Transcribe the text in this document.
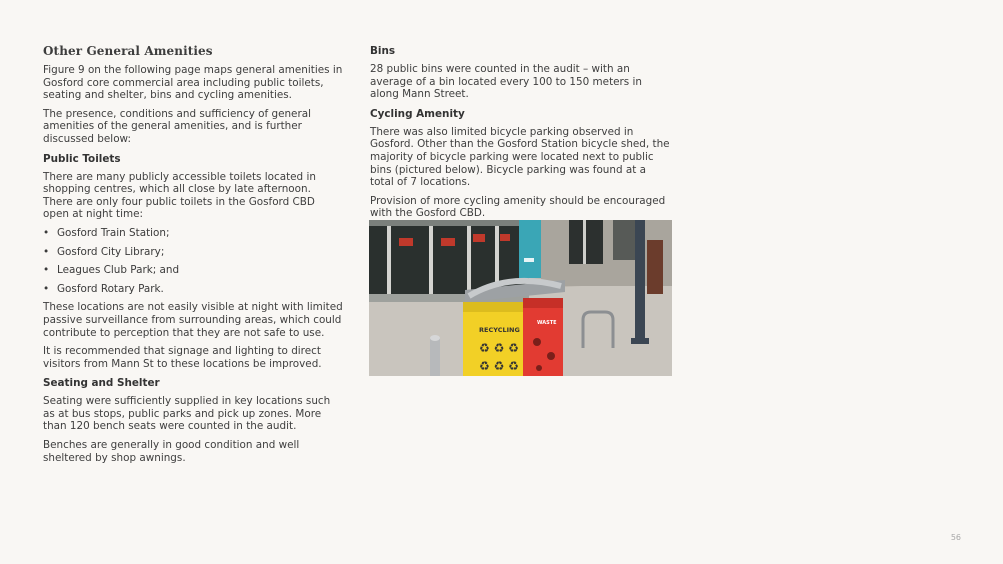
Other General Amenities

Figure 9 on the following page maps general amenities in Gosford core commercial area including public toilets, seating and shelter, bins and cycling amenities.

The presence, conditions and sufficiency of general amenities of the general amenities, and is further discussed below:

Public Toilets

There are many publicly accessible toilets located in shopping centres, which all close by late afternoon. There are only four public toilets in the Gosford CBD open at night time:

• Gosford Train Station;
• Gosford City Library;
• Leagues Club Park; and
• Gosford Rotary Park.

These locations are not easily visible at night with limited passive surveillance from surrounding areas, which could contribute to perception that they are not safe to use.

It is recommended that signage and lighting to direct visitors from Mann St to these locations be improved.

Seating and Shelter

Seating were sufficiently supplied in key locations such as at bus stops, public parks and pick up zones. More than 120 bench seats were counted in the audit.

Benches are generally in good condition and well sheltered by shop awnings.

Bins

28 public bins were counted in the audit – with an average of a bin located every 100 to 150 meters in along Mann Street.

Cycling Amenity

There was also limited bicycle parking observed in Gosford. Other than the Gosford Station bicycle shed, the majority of bicycle parking were located next to public bins (pictured below). Bicycle parking was found at a total of 7 locations.

Provision of more cycling amenity should be encouraged with the Gosford CBD.

RECYCLING
♻ ♻ ♻
♻ ♻ ♻
WASTE
56
